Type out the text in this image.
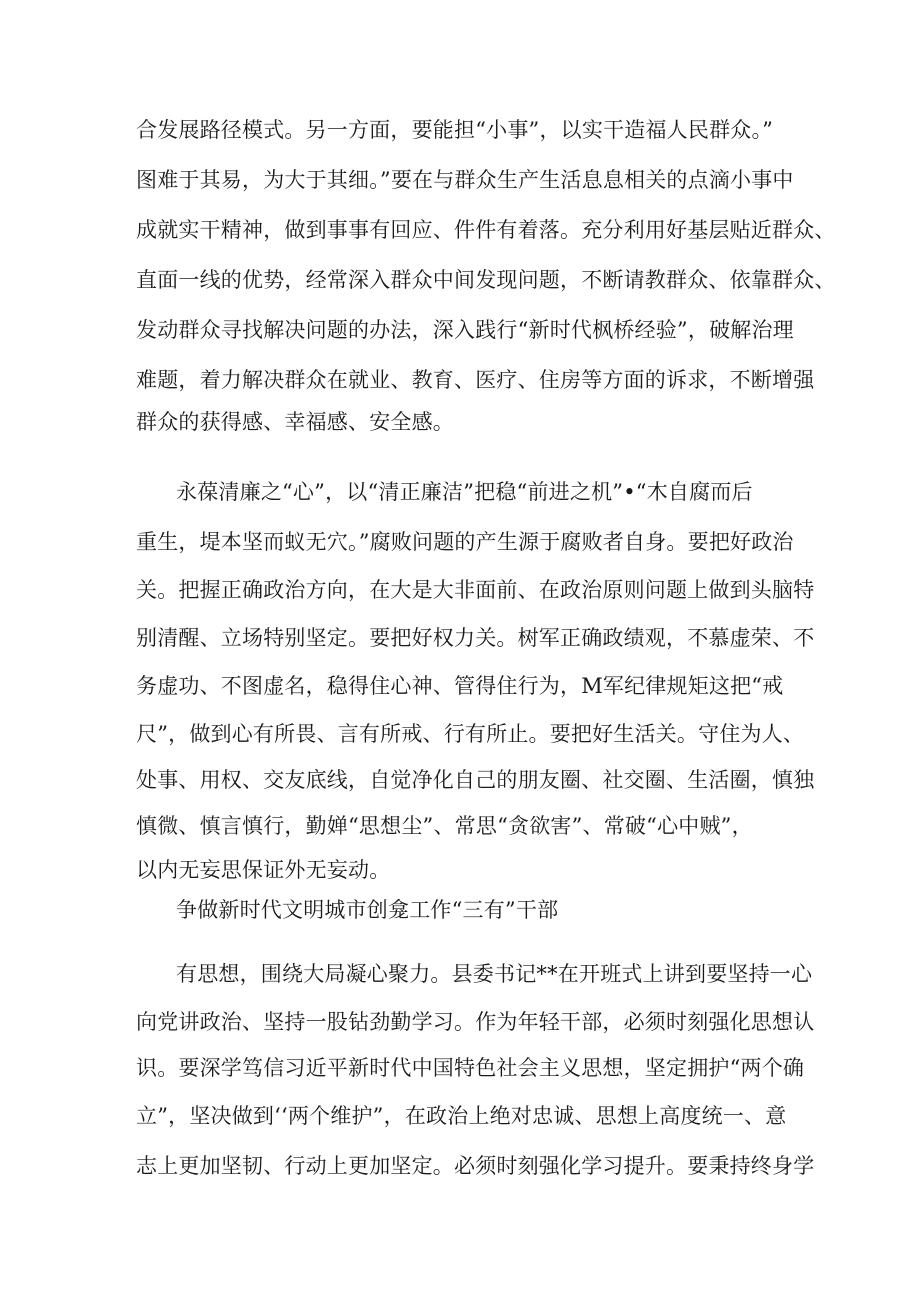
合发展路径模式。另一方面，要能担“小事”，以实干造福人民群众。”
图难于其易，为大于其细。”要在与群众生产生活息息相关的点滴小事中
成就实干精神，做到事事有回应、件件有着落。充分利用好基层贴近群众、
直面一线的优势，经常深入群众中间发现问题，不断请教群众、依靠群众、
发动群众寻找解决问题的办法，深入践行“新时代枫桥经验”，破解治理
难题，着力解决群众在就业、教育、医疗、住房等方面的诉求，不断增强
群众的获得感、幸福感、安全感。
永葆清廉之“心”，以“清正廉洁”把稳“前进之机”•“木自腐而后
重生，堤本坚而蚁无穴。”腐败问题的产生源于腐败者自身。要把好政治
关。把握正确政治方向，在大是大非面前、在政治原则问题上做到头脑特
别清醒、立场特别坚定。要把好权力关。树军正确政绩观，不慕虚荣、不
务虚功、不图虚名，稳得住心神、管得住行为，M军纪律规矩这把“戒
尺”，做到心有所畏、言有所戒、行有所止。要把好生活关。守住为人、
处事、用权、交友底线，自觉净化自己的朋友圈、社交圈、生活圈，慎独
慎微、慎言慎行，勤婵“思想尘”、常思“贪欲害”、常破“心中贼”，
以内无妄思保证外无妄动。
争做新时代文明城市创龛工作“三有”干部
有思想，围绕大局凝心聚力。县委书记**在开班式上讲到要坚持一心
向党讲政治、坚持一股钻劲勤学习。作为年轻干部，必须时刻强化思想认
识。要深学笃信习近平新时代中国特色社会主义思想，坚定拥护“两个确
立”，坚决做到‘‘两个维护”，在政治上绝对忠诚、思想上高度统一、意
志上更加坚韧、行动上更加坚定。必须时刻强化学习提升。要秉持终身学
